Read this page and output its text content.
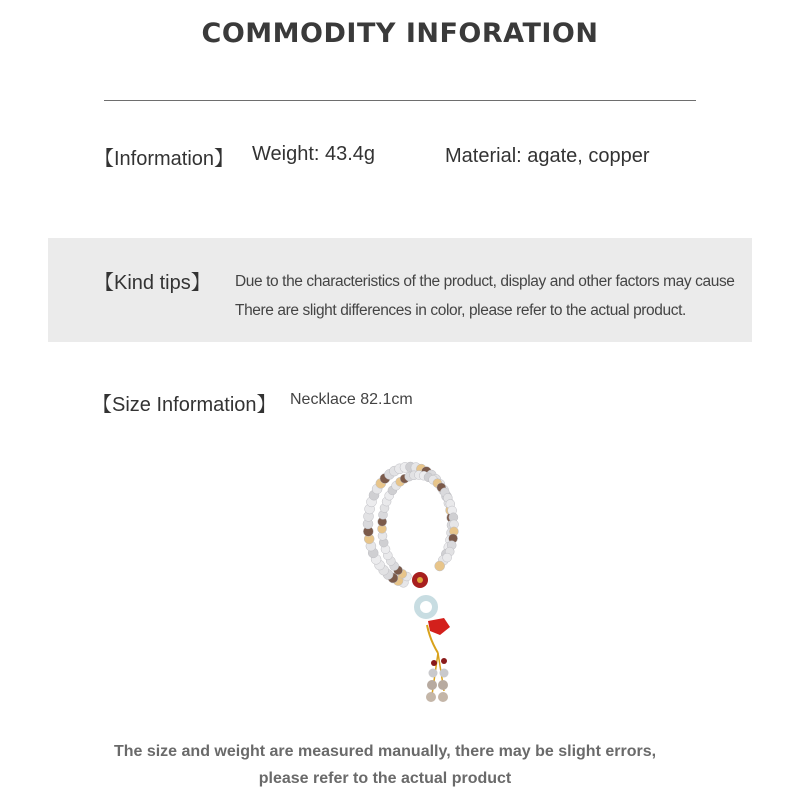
COMMODITY INFORATION
【Information】 Weight: 43.4g	Material: agate, copper
【Kind tips】 Due to the characteristics of the product, display and other factors may cause
There are slight differences in color, please refer to the actual product.
【Size Information】 Necklace 82.1cm
The size and weight are measured manually, there may be slight errors,
please refer to the actual product
